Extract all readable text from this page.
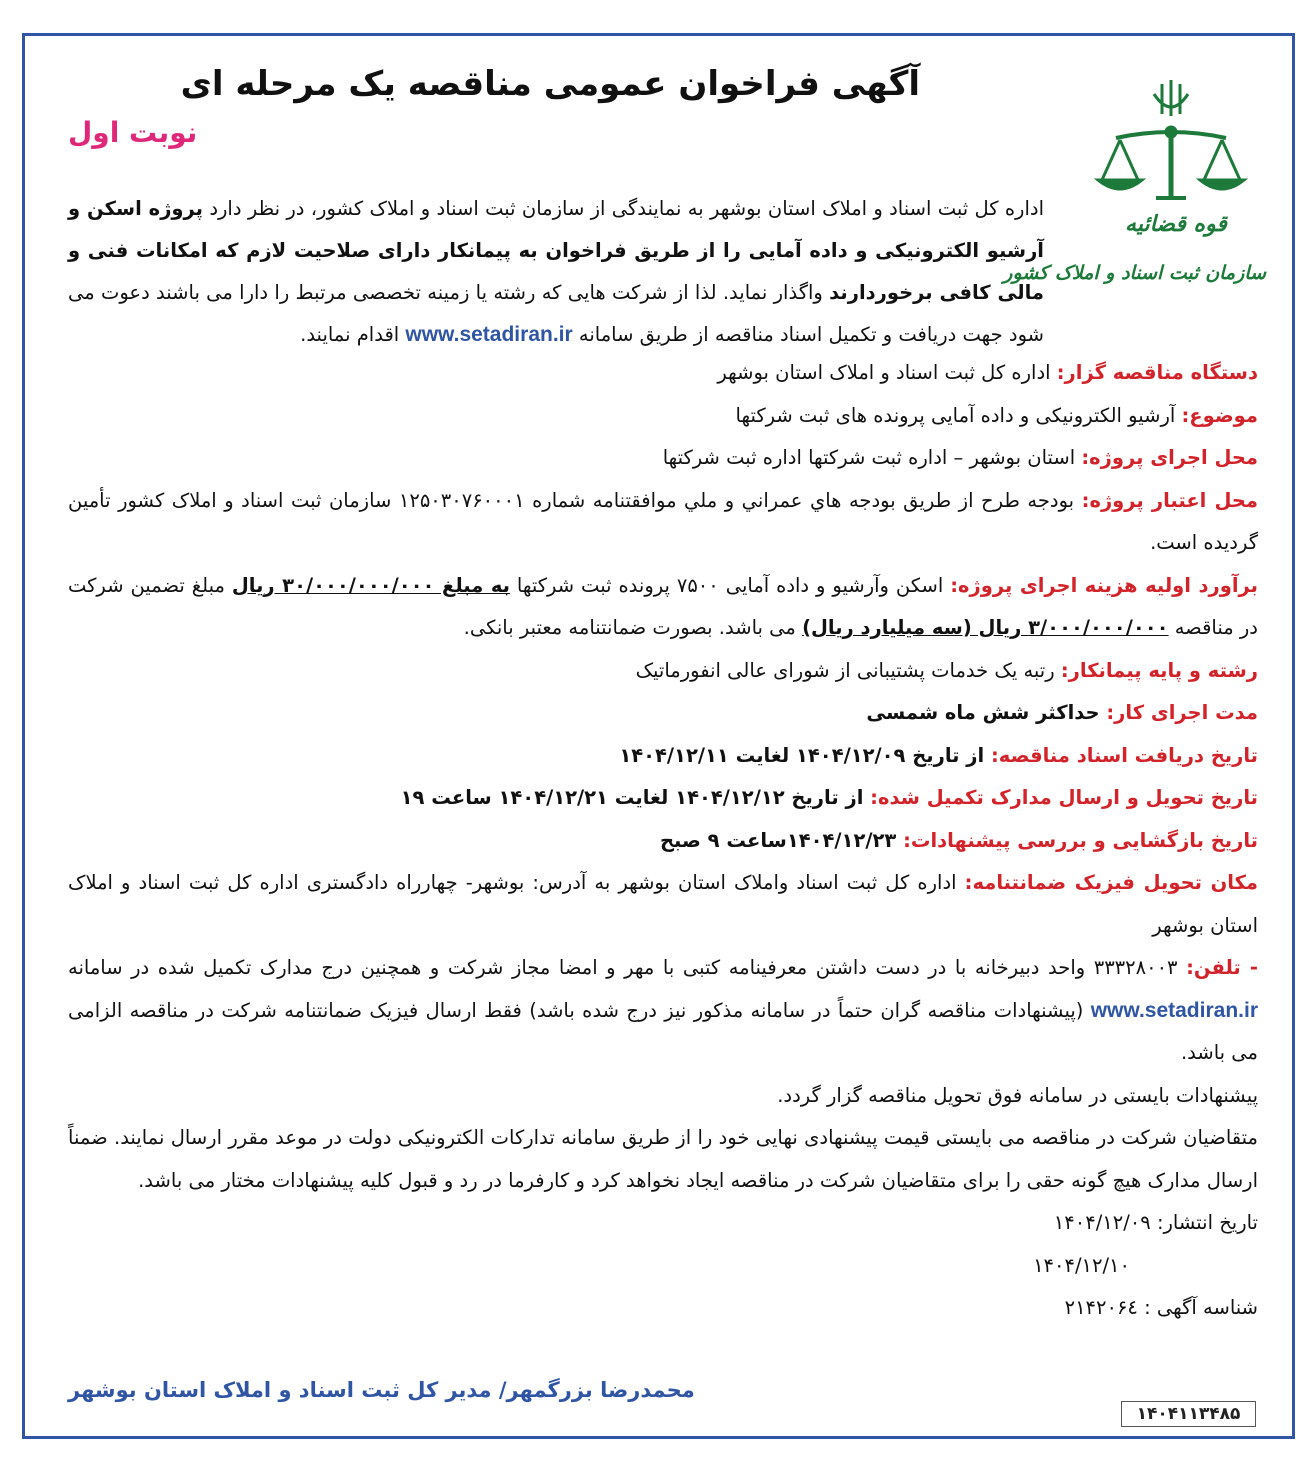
آگهی فراخوان عمومی مناقصه یک مرحله ای
نوبت اول
قوه قضائیه
سازمان ثبت اسناد و املاک کشور

اداره کل ثبت اسناد و املاک استان بوشهر به نمایندگی از سازمان ثبت اسناد و املاک کشور، در نظر دارد پروژه اسکن و آرشیو الکترونیکی و داده آمایی را از طریق فراخوان به پیمانکار دارای صلاحیت لازم که امکانات فنی و مالی کافی برخوردارند واگذار نماید. لذا از شرکت هایی که رشته یا زمینه تخصصی مرتبط را دارا می باشند دعوت می شود جهت دریافت و تکمیل اسناد مناقصه از طریق سامانه www.setadiran.ir اقدام نمایند.

دستگاه مناقصه گزار: اداره کل ثبت اسناد و املاک استان بوشهر

موضوع: آرشیو الکترونیکی و داده آمایی پرونده های ثبت شرکتها

محل اجرای پروژه: استان بوشهر – اداره ثبت شرکتها اداره ثبت شرکتها

محل اعتبار پروژه: بودجه طرح از طريق بودجه هاي عمراني و ملي موافقتنامه شماره ۱۲۵۰۳۰۷۶۰۰۰۱ سازمان ثبت اسناد و املاک کشور تأمین گردیده است.

برآورد اولیه هزینه اجرای پروژه: اسکن وآرشیو و داده آمایی ۷۵۰۰ پرونده ثبت شرکتها به مبلغ ۳۰/۰۰۰/۰۰۰/۰۰۰ ریال مبلغ تضمین شرکت در مناقصه ۳/۰۰۰/۰۰۰/۰۰۰ ریال (سه میلیارد ریال) می باشد. بصورت ضمانتنامه معتبر بانکی.

رشته و پایه پیمانکار: رتبه یک خدمات پشتیبانی از شورای عالی انفورماتیک

مدت اجرای کار: حداکثر شش ماه شمسی

تاریخ دریافت اسناد مناقصه: از تاریخ ۱۴۰۴/۱۲/۰۹ لغایت ۱۴۰۴/۱۲/۱۱

تاریخ تحویل و ارسال مدارک تکمیل شده: از تاریخ ۱۴۰۴/۱۲/۱۲ لغایت ۱۴۰۴/۱۲/۲۱ ساعت ۱۹

تاریخ بازگشایی و بررسی پیشنهادات: ۱۴۰۴/۱۲/۲۳ساعت ۹ صبح

مکان تحویل فیزیک ضمانتنامه: اداره کل ثبت اسناد واملاک استان بوشهر به آدرس: بوشهر- چهارراه دادگستری اداره کل ثبت اسناد و املاک استان بوشهر

- تلفن: ۳۳۳۲۸۰۰۳ واحد دبیرخانه با در دست داشتن معرفینامه کتبی با مهر و امضا مجاز شرکت و همچنین درج مدارک تکمیل شده در سامانه www.setadiran.ir (پیشنهادات مناقصه گران حتماً در سامانه مذکور نیز درج شده باشد) فقط ارسال فیزیک ضمانتنامه شرکت در مناقصه الزامی می باشد.

پیشنهادات بایستی در سامانه فوق تحویل مناقصه گزار گردد.

متقاضیان شرکت در مناقصه می بایستی قیمت پیشنهادی نهایی خود را از طریق سامانه تدارکات الکترونیکی دولت در موعد مقرر ارسال نمایند. ضمناً ارسال مدارک هیچ گونه حقی را برای متقاضیان شرکت در مناقصه ایجاد نخواهد کرد و کارفرما در رد و قبول کلیه پیشنهادات مختار می باشد.

تاریخ انتشار: ۱۴۰۴/۱۲/۰۹

۱۴۰۴/۱۲/۱۰

شناسه آگهی : ۲۱۴۲۰۶٤

محمدرضا بزرگمهر/ مدیر کل ثبت اسناد و املاک استان بوشهر
۱۴۰۴۱۱۳۴۸۵
